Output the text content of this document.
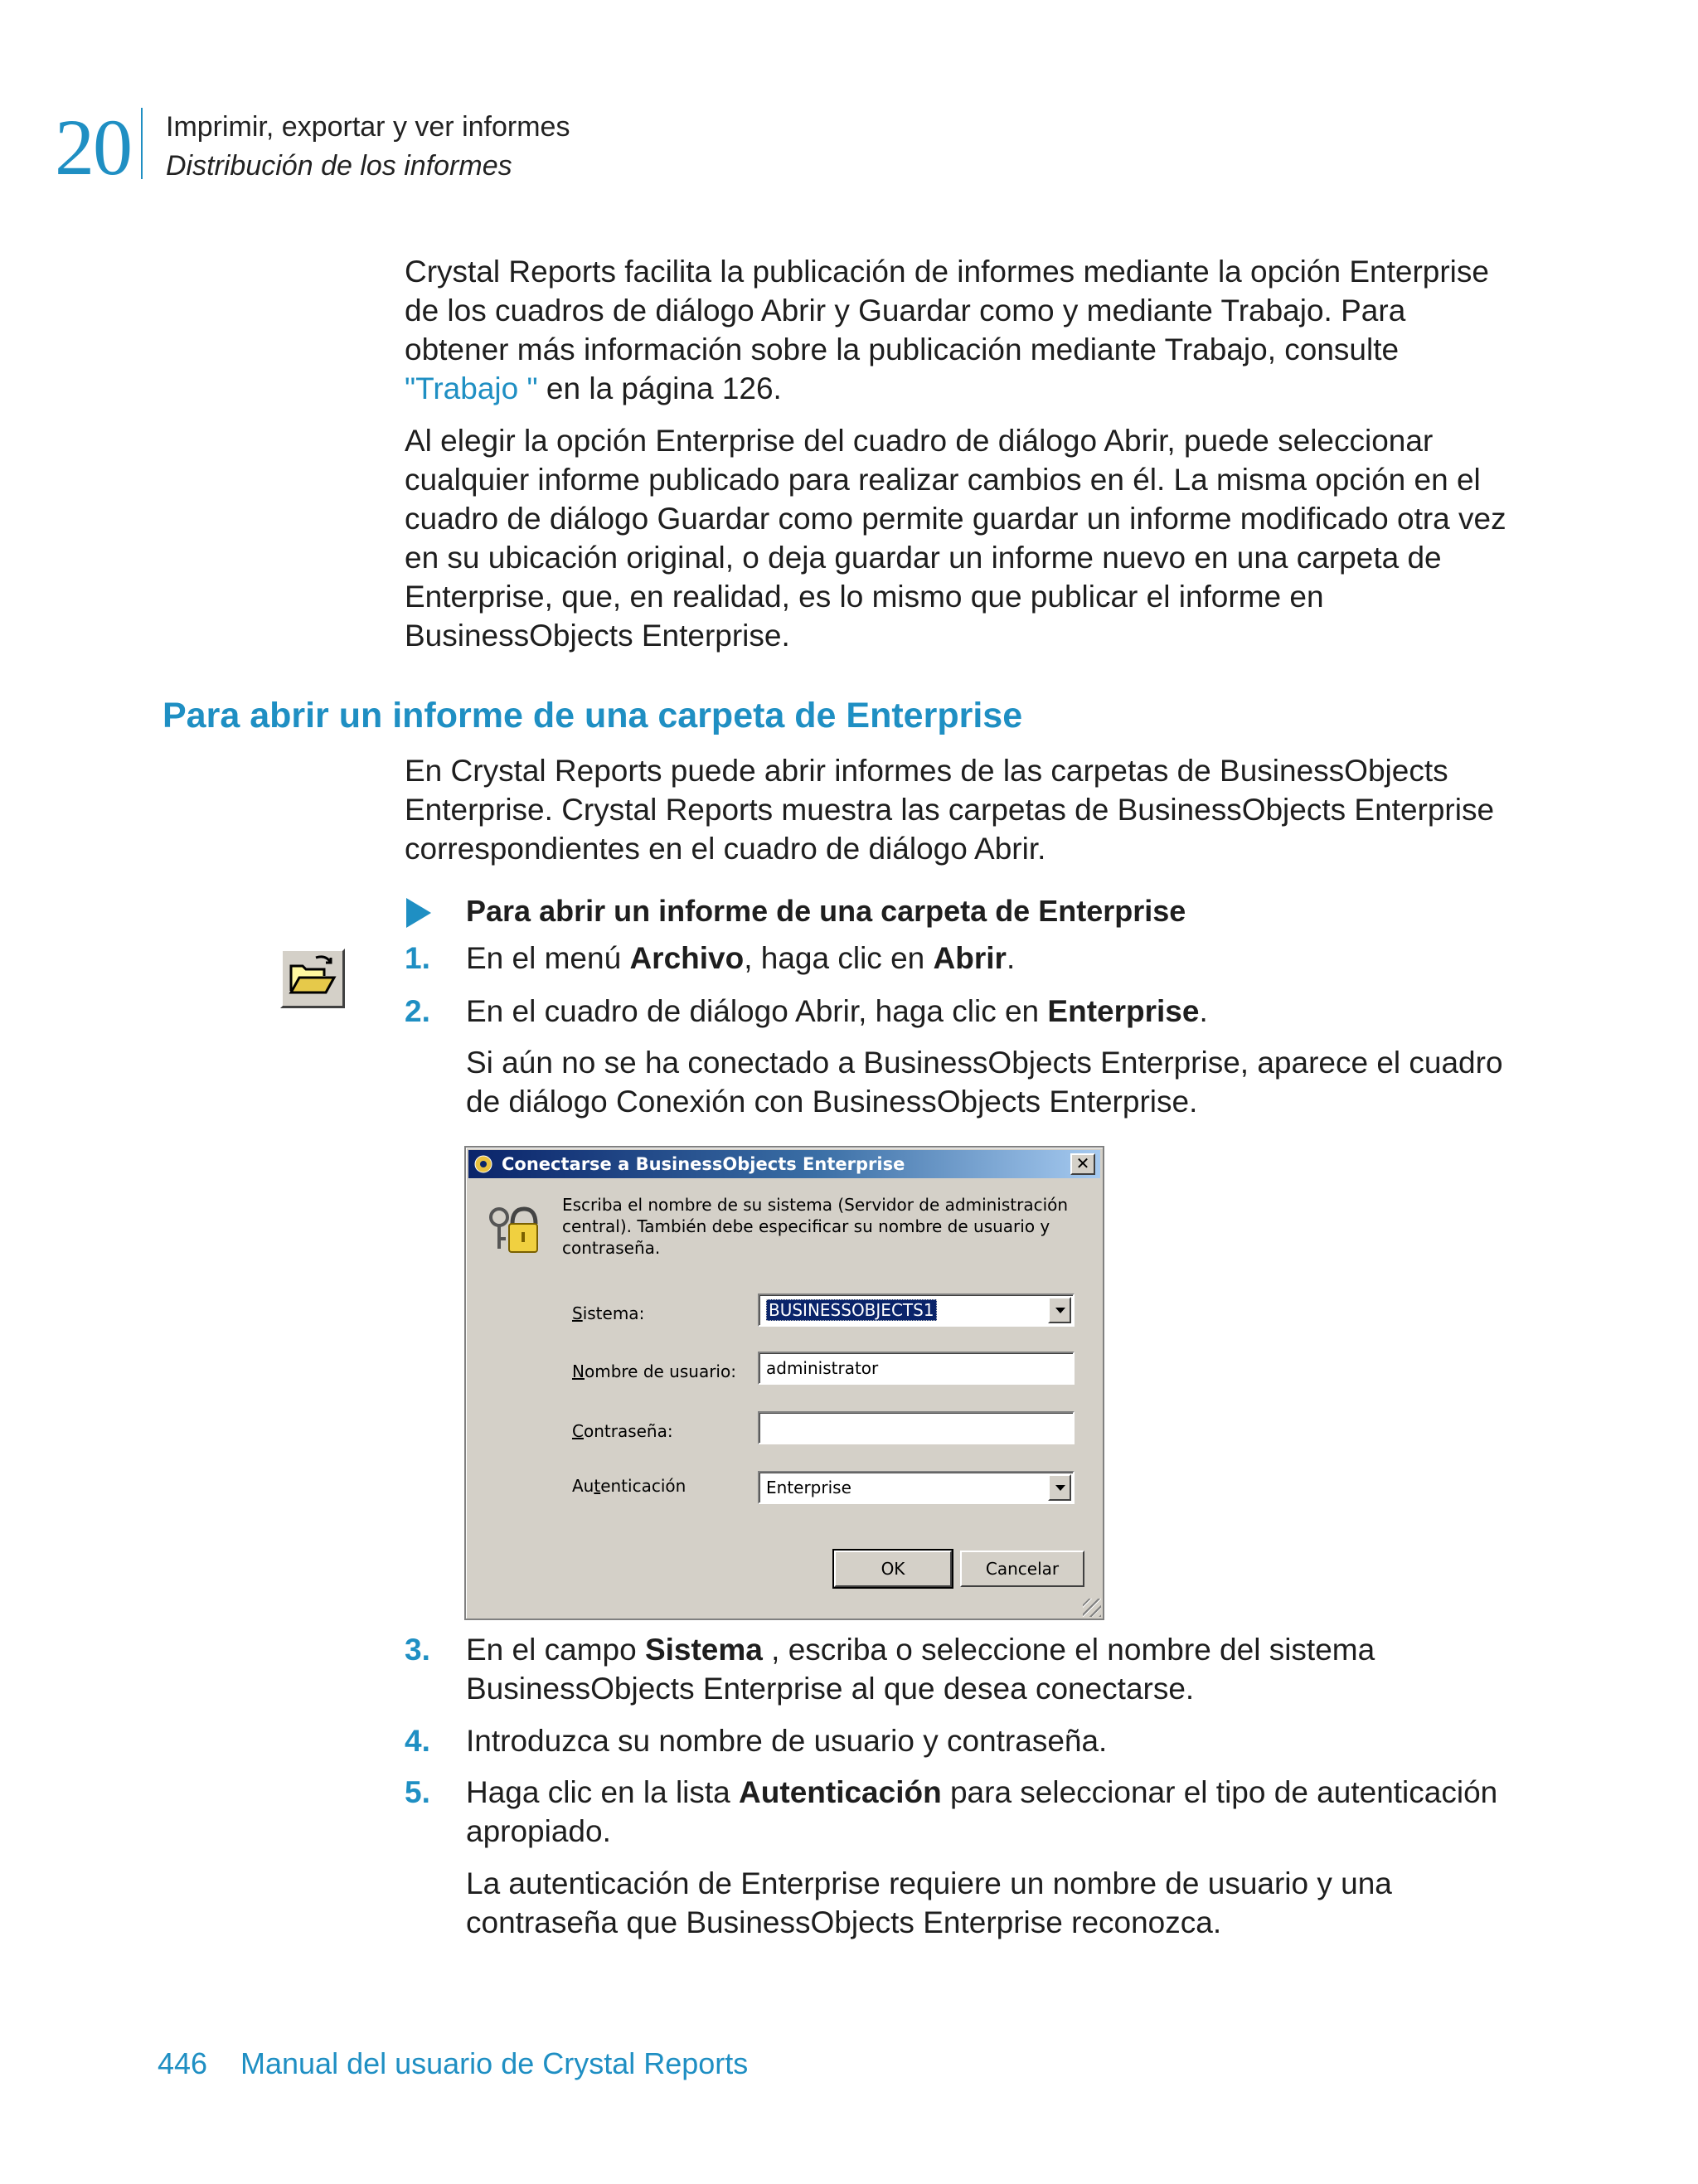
20 Imprimir, exportar y ver informes
Distribución de los informes

Crystal Reports facilita la publicación de informes mediante la opción Enterprise de los cuadros de diálogo Abrir y Guardar como y mediante Trabajo. Para obtener más información sobre la publicación mediante Trabajo, consulte "Trabajo " en la página 126.

Al elegir la opción Enterprise del cuadro de diálogo Abrir, puede seleccionar cualquier informe publicado para realizar cambios en él. La misma opción en el cuadro de diálogo Guardar como permite guardar un informe modificado otra vez en su ubicación original, o deja guardar un informe nuevo en una carpeta de Enterprise, que, en realidad, es lo mismo que publicar el informe en BusinessObjects Enterprise.

Para abrir un informe de una carpeta de Enterprise

En Crystal Reports puede abrir informes de las carpetas de BusinessObjects Enterprise. Crystal Reports muestra las carpetas de BusinessObjects Enterprise correspondientes en el cuadro de diálogo Abrir.

Para abrir un informe de una carpeta de Enterprise

1.	En el menú Archivo, haga clic en Abrir.

2.	En el cuadro de diálogo Abrir, haga clic en Enterprise.

Si aún no se ha conectado a BusinessObjects Enterprise, aparece el cuadro de diálogo Conexión con BusinessObjects Enterprise.

Conectarse a BusinessObjects Enterprise	✕

Escriba el nombre de su sistema (Servidor de administración central). También debe especificar su nombre de usuario y contraseña.

Sistema:	BUSINESSOBJECTS1
Nombre de usuario:	administrator
Contraseña:
Autenticación	Enterprise
OK	Cancelar
3.	En el campo Sistema , escriba o seleccione el nombre del sistema BusinessObjects Enterprise al que desea conectarse.

4.	Introduzca su nombre de usuario y contraseña.

5.	Haga clic en la lista Autenticación para seleccionar el tipo de autenticación apropiado.

La autenticación de Enterprise requiere un nombre de usuario y una contraseña que BusinessObjects Enterprise reconozca.

446 Manual del usuario de Crystal Reports
